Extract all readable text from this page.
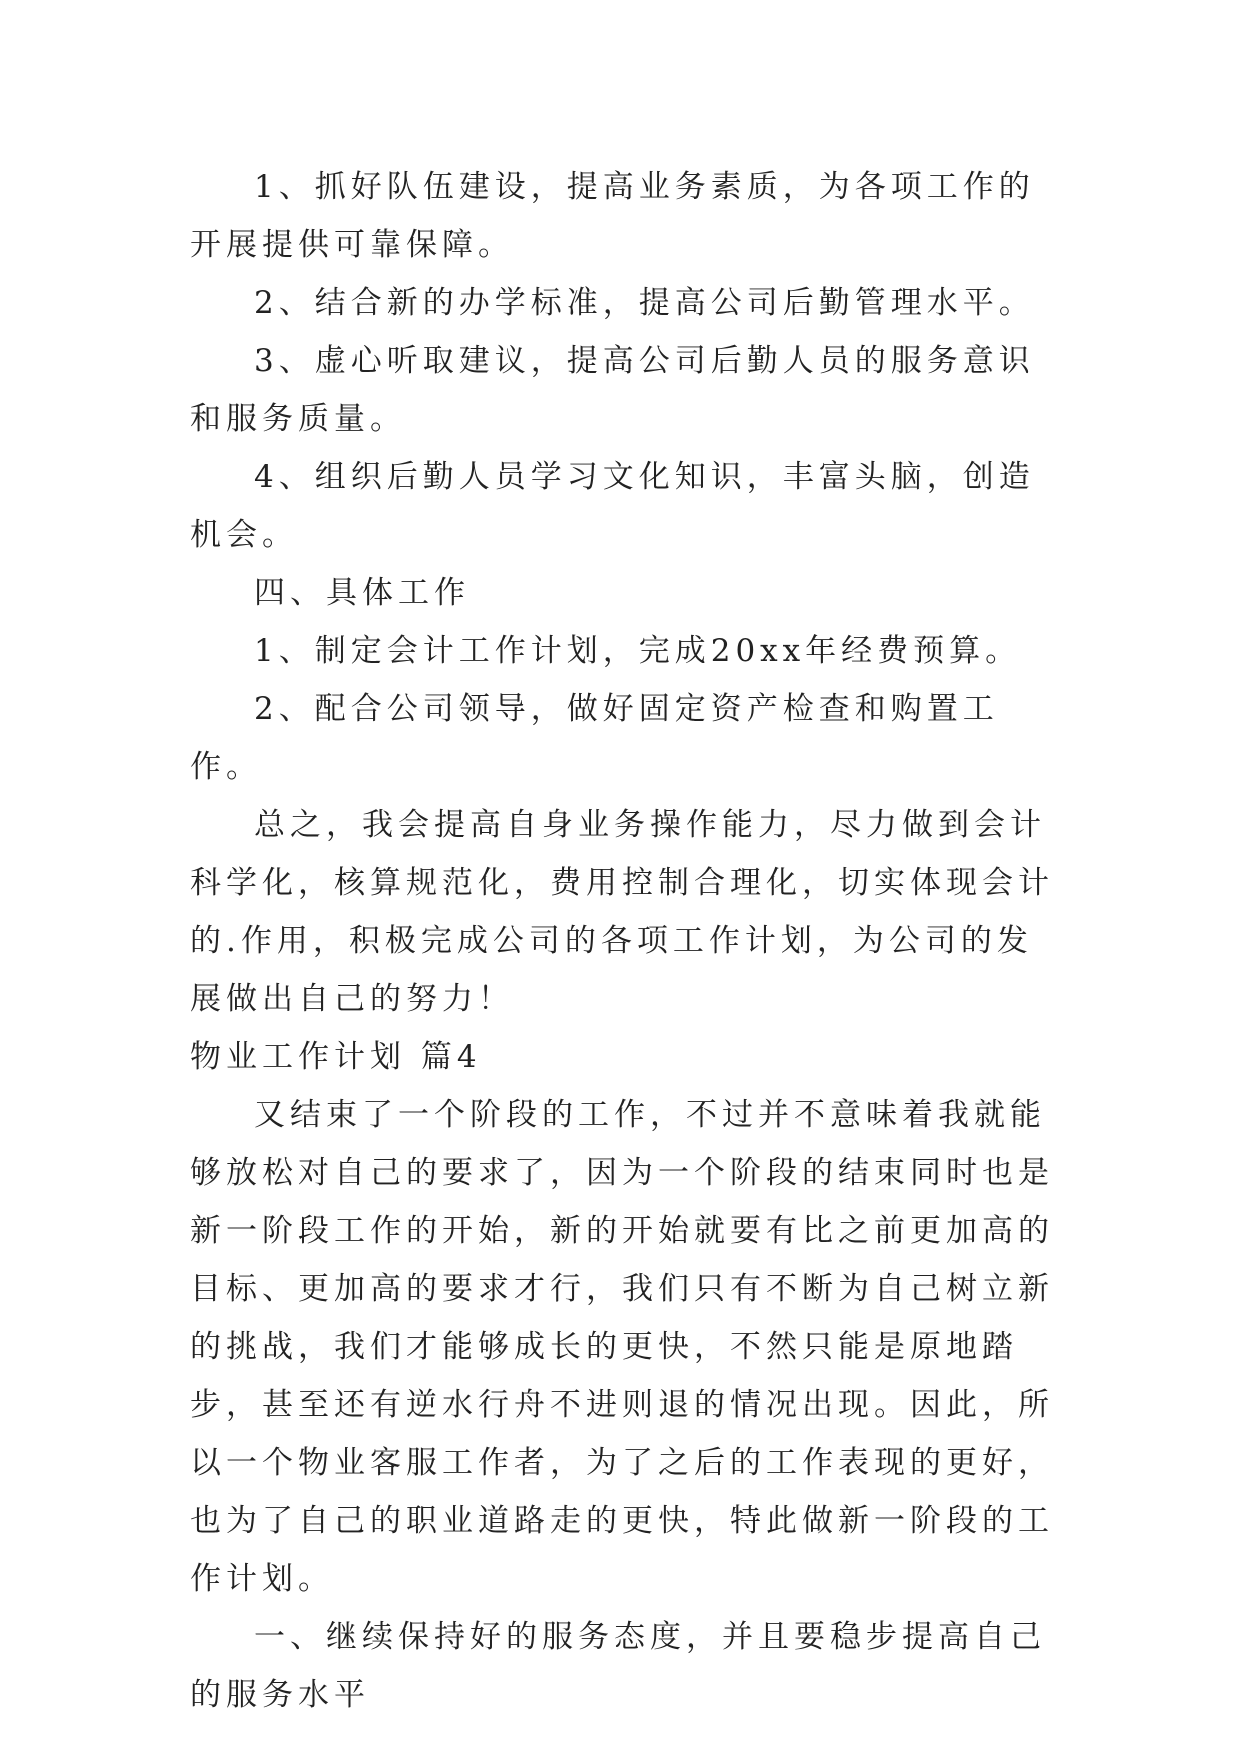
1、抓好队伍建设，提高业务素质，为各项工作的开展提供可靠保障。

2、结合新的办学标准，提高公司后勤管理水平。

3、虚心听取建议，提高公司后勤人员的服务意识和服务质量。

4、组织后勤人员学习文化知识，丰富头脑，创造机会。

四、具体工作

1、制定会计工作计划，完成20xx年经费预算。

2、配合公司领导，做好固定资产检查和购置工作。

总之，我会提高自身业务操作能力，尽力做到会计科学化，核算规范化，费用控制合理化，切实体现会计的.作用，积极完成公司的各项工作计划，为公司的发展做出自己的努力！

物业工作计划 篇4

又结束了一个阶段的工作，不过并不意味着我就能够放松对自己的要求了，因为一个阶段的结束同时也是新一阶段工作的开始，新的开始就要有比之前更加高的目标、更加高的要求才行，我们只有不断为自己树立新的挑战，我们才能够成长的更快，不然只能是原地踏步，甚至还有逆水行舟不进则退的情况出现。因此，所以一个物业客服工作者，为了之后的工作表现的更好，也为了自己的职业道路走的更快，特此做新一阶段的工作计划。

一、继续保持好的服务态度，并且要稳步提高自己的服务水平
